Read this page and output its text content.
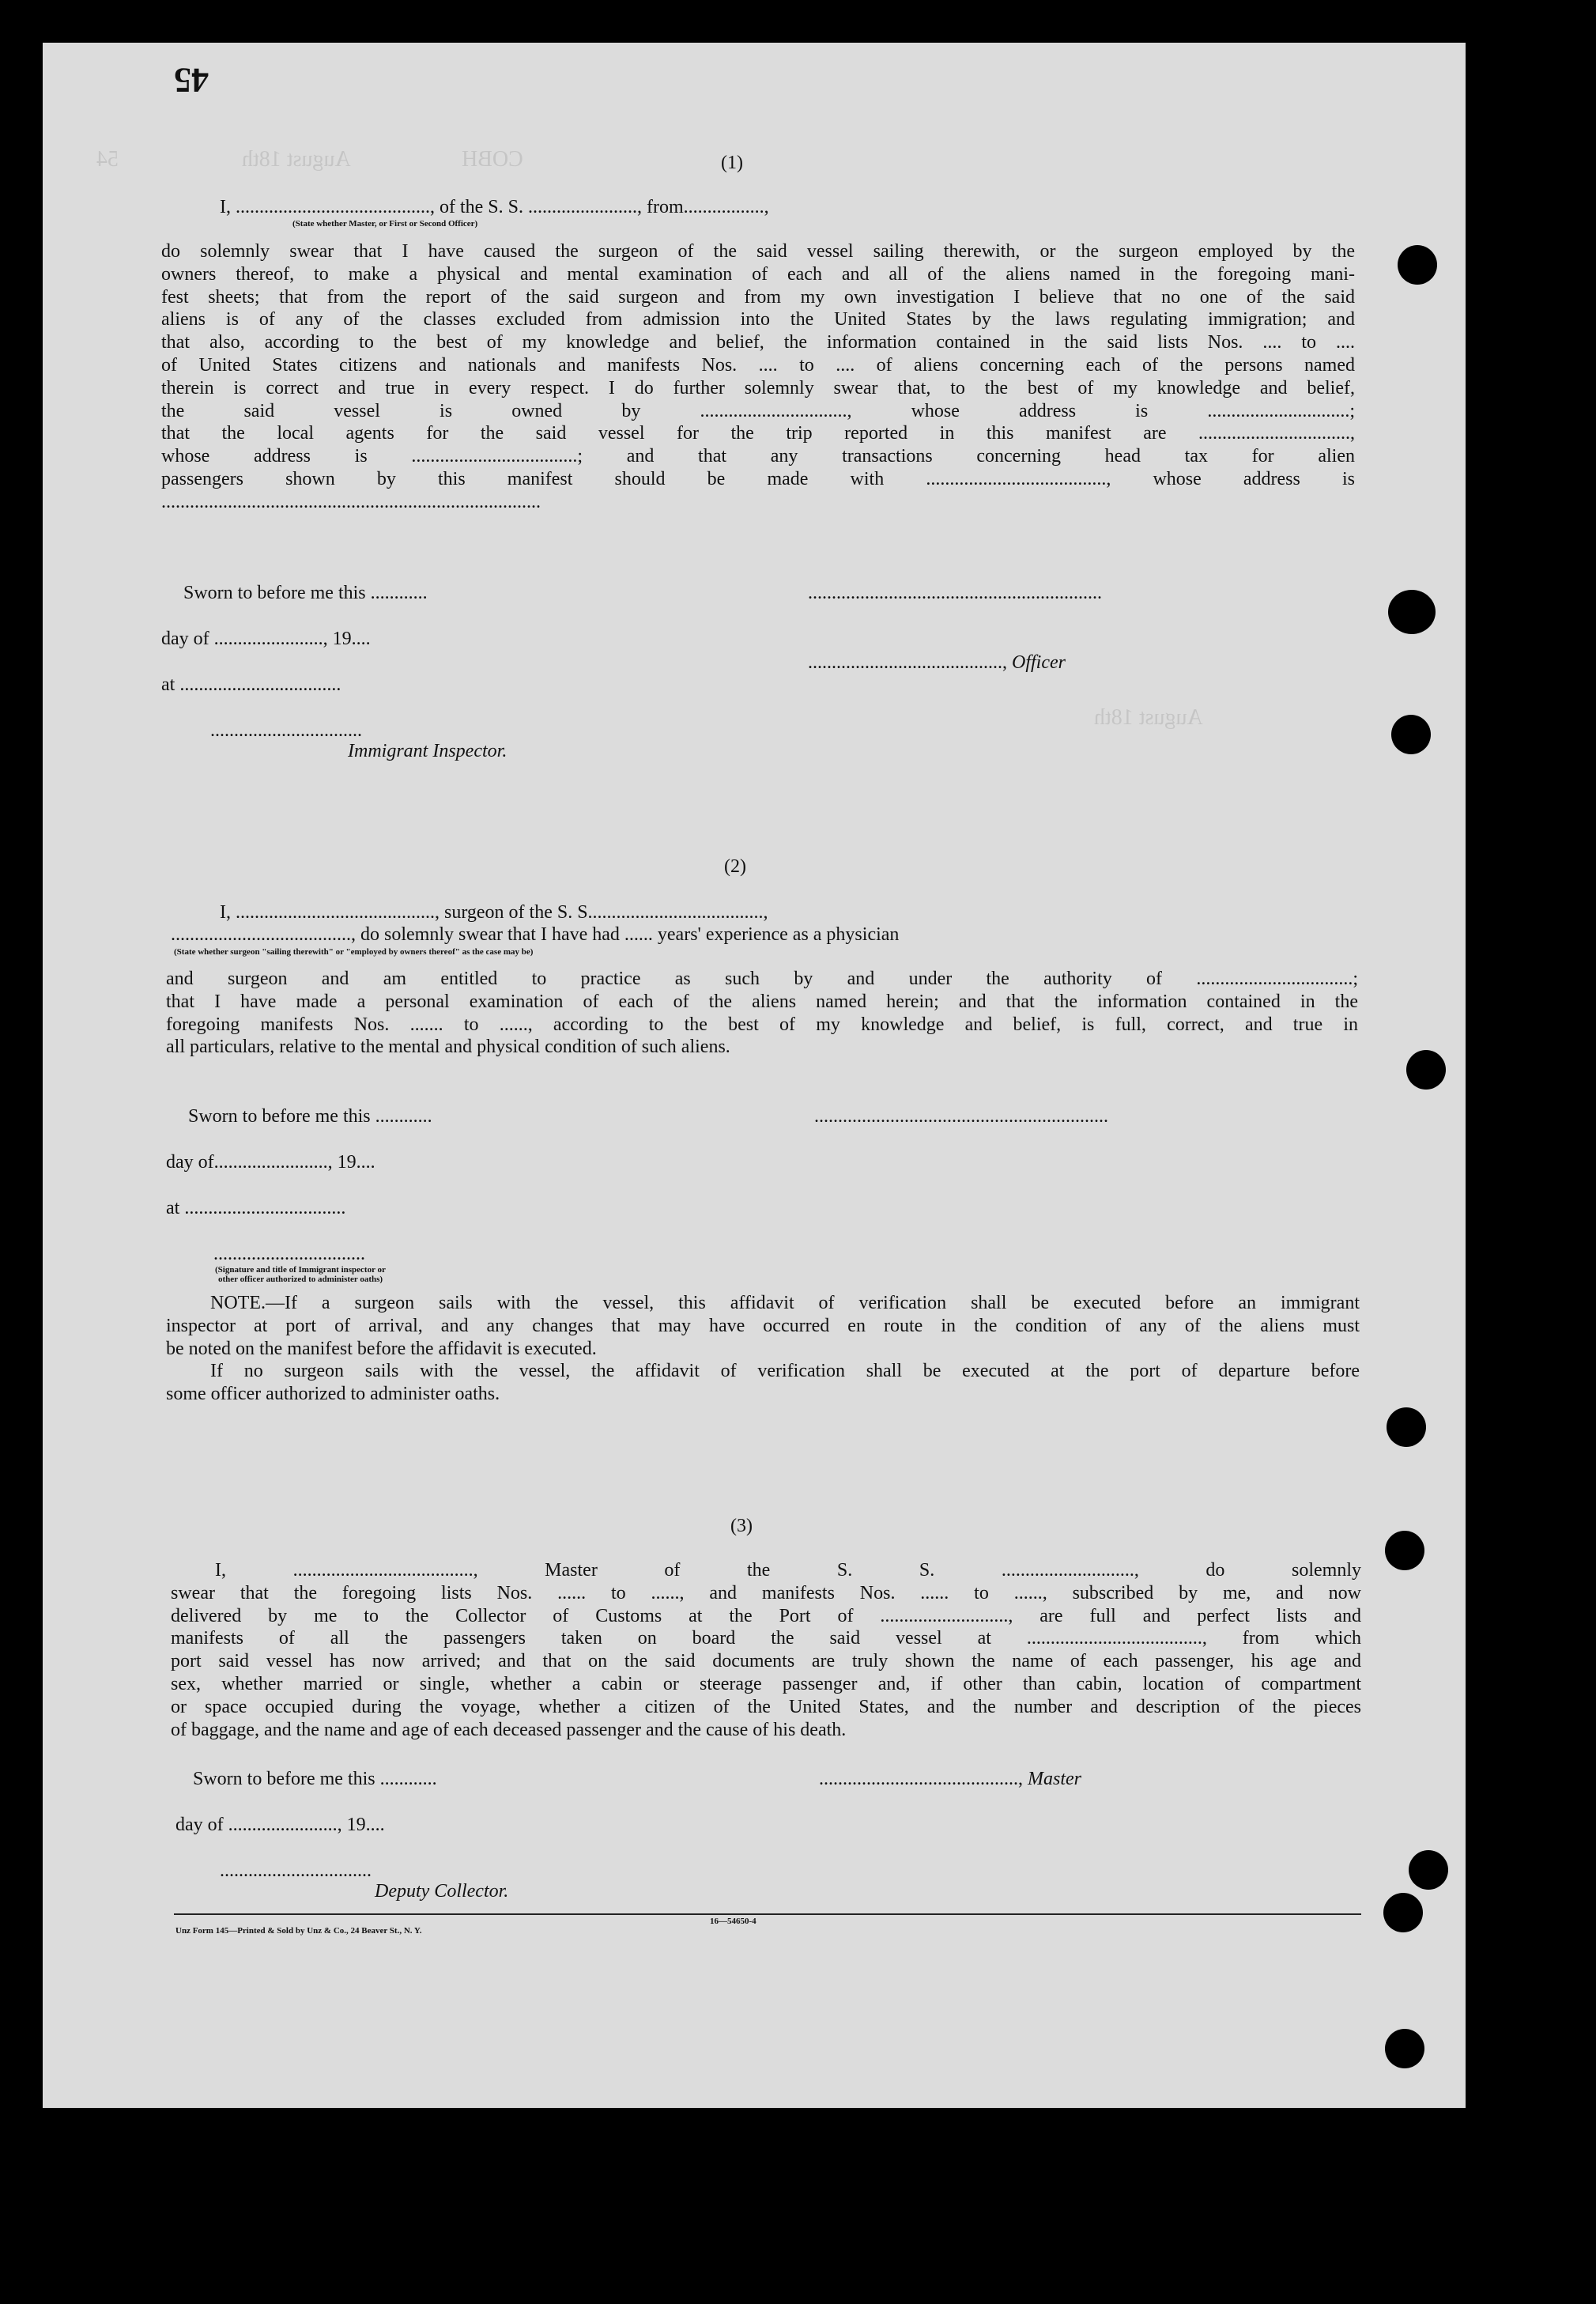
54	August 18th	COBH
August 18th
45
(1)
I, ........................................., of the S. S. ......................., from.................,
(State whether Master, or First or Second Officer)
do solemnly swear that I have caused the surgeon of the said vessel sailing therewith, or the surgeon employed by the
owners thereof, to make a physical and mental examination of each and all of the aliens named in the foregoing mani-
fest sheets; that from the report of the said surgeon and from my own investigation I believe that no one of the said
aliens is of any of the classes excluded from admission into the United States by the laws regulating immigration; and
that also, according to the best of my knowledge and belief, the information contained in the said lists Nos. .... to ....
of United States citizens and nationals and manifests Nos. .... to .... of aliens concerning each of the persons named
therein is correct and true in every respect. I do further solemnly swear that, to the best of my knowledge and belief,
the said vessel is owned by ..............................., whose address is ..............................;
that the local agents for the said vessel for the trip reported in this manifest are ................................,
whose address is ...................................; and that any transactions concerning head tax for alien
passengers shown by this manifest should be made with ......................................, whose address is
................................................................................
Sworn to before me this ............	..............................................................
day of ......................., 19....
........................................., Officer
at ..................................
................................
Immigrant Inspector.
(2)
I, .........................................., surgeon of the S. S.....................................,
......................................, do solemnly swear that I have had ...... years' experience as a physician
(State whether surgeon "sailing therewith" or "employed by owners thereof" as the case may be)
and surgeon and am entitled to practice as such by and under the authority of .................................;
that I have made a personal examination of each of the aliens named herein; and that the information contained in the
foregoing manifests Nos. ....... to ......, according to the best of my knowledge and belief, is full, correct, and true in
all particulars, relative to the mental and physical condition of such aliens.
Sworn to before me this ............	..............................................................
day of........................, 19....
at ..................................
................................
(Signature and title of Immigrant inspector or
other officer authorized to administer oaths)
NOTE.—If a surgeon sails with the vessel, this affidavit of verification shall be executed before an immigrant
inspector at port of arrival, and any changes that may have occurred en route in the condition of any of the aliens must
be noted on the manifest before the affidavit is executed.
If no surgeon sails with the vessel, the affidavit of verification shall be executed at the port of departure before
some officer authorized to administer oaths.
(3)
I, ......................................, Master of the S. S. ............................, do solemnly
swear that the foregoing lists Nos. ...... to ......, and manifests Nos. ...... to ......, subscribed by me, and now
delivered by me to the Collector of Customs at the Port of ..........................., are full and perfect lists and
manifests of all the passengers taken on board the said vessel at ....................................., from which
port said vessel has now arrived; and that on the said documents are truly shown the name of each passenger, his age and
sex, whether married or single, whether a cabin or steerage passenger and, if other than cabin, location of compartment
or space occupied during the voyage, whether a citizen of the United States, and the number and description of the pieces
of baggage, and the name and age of each deceased passenger and the cause of his death.
Sworn to before me this ............	.........................................., Master
day of ......................., 19....
................................
Deputy Collector.
16—54650-4
Unz Form 145—Printed & Sold by Unz & Co., 24 Beaver St., N. Y.
